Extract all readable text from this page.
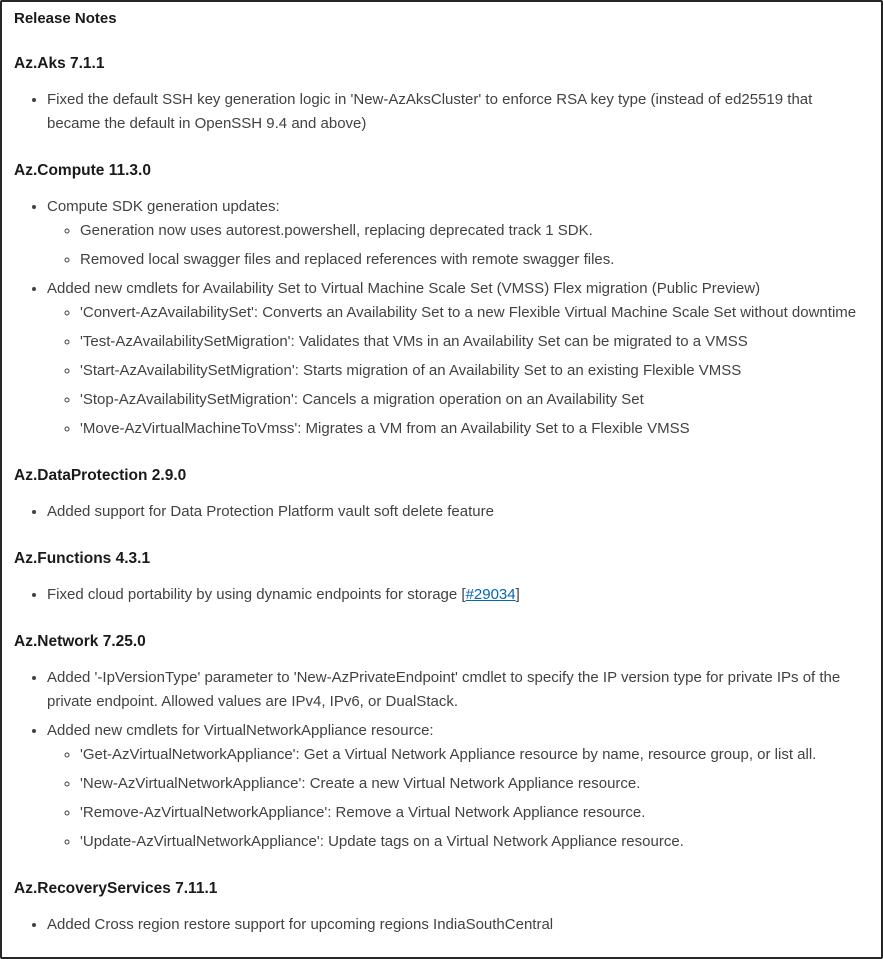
Release Notes
Az.Aks 7.1.1
• Fixed the default SSH key generation logic in 'New-AzAksCluster' to enforce RSA key type (instead of ed25519 that became the default in OpenSSH 9.4 and above)
Az.Compute 11.3.0
• Compute SDK generation updates:
◦ Generation now uses autorest.powershell, replacing deprecated track 1 SDK.
◦ Removed local swagger files and replaced references with remote swagger files.
• Added new cmdlets for Availability Set to Virtual Machine Scale Set (VMSS) Flex migration (Public Preview)
◦ 'Convert-AzAvailabilitySet': Converts an Availability Set to a new Flexible Virtual Machine Scale Set without downtime
◦ 'Test-AzAvailabilitySetMigration': Validates that VMs in an Availability Set can be migrated to a VMSS
◦ 'Start-AzAvailabilitySetMigration': Starts migration of an Availability Set to an existing Flexible VMSS
◦ 'Stop-AzAvailabilitySetMigration': Cancels a migration operation on an Availability Set
◦ 'Move-AzVirtualMachineToVmss': Migrates a VM from an Availability Set to a Flexible VMSS
Az.DataProtection 2.9.0
• Added support for Data Protection Platform vault soft delete feature
Az.Functions 4.3.1
• Fixed cloud portability by using dynamic endpoints for storage [#29034]
Az.Network 7.25.0
• Added '-IpVersionType' parameter to 'New-AzPrivateEndpoint' cmdlet to specify the IP version type for private IPs of the private endpoint. Allowed values are IPv4, IPv6, or DualStack.
• Added new cmdlets for VirtualNetworkAppliance resource:
◦ 'Get-AzVirtualNetworkAppliance': Get a Virtual Network Appliance resource by name, resource group, or list all.
◦ 'New-AzVirtualNetworkAppliance': Create a new Virtual Network Appliance resource.
◦ 'Remove-AzVirtualNetworkAppliance': Remove a Virtual Network Appliance resource.
◦ 'Update-AzVirtualNetworkAppliance': Update tags on a Virtual Network Appliance resource.
Az.RecoveryServices 7.11.1
• Added Cross region restore support for upcoming regions IndiaSouthCentral
